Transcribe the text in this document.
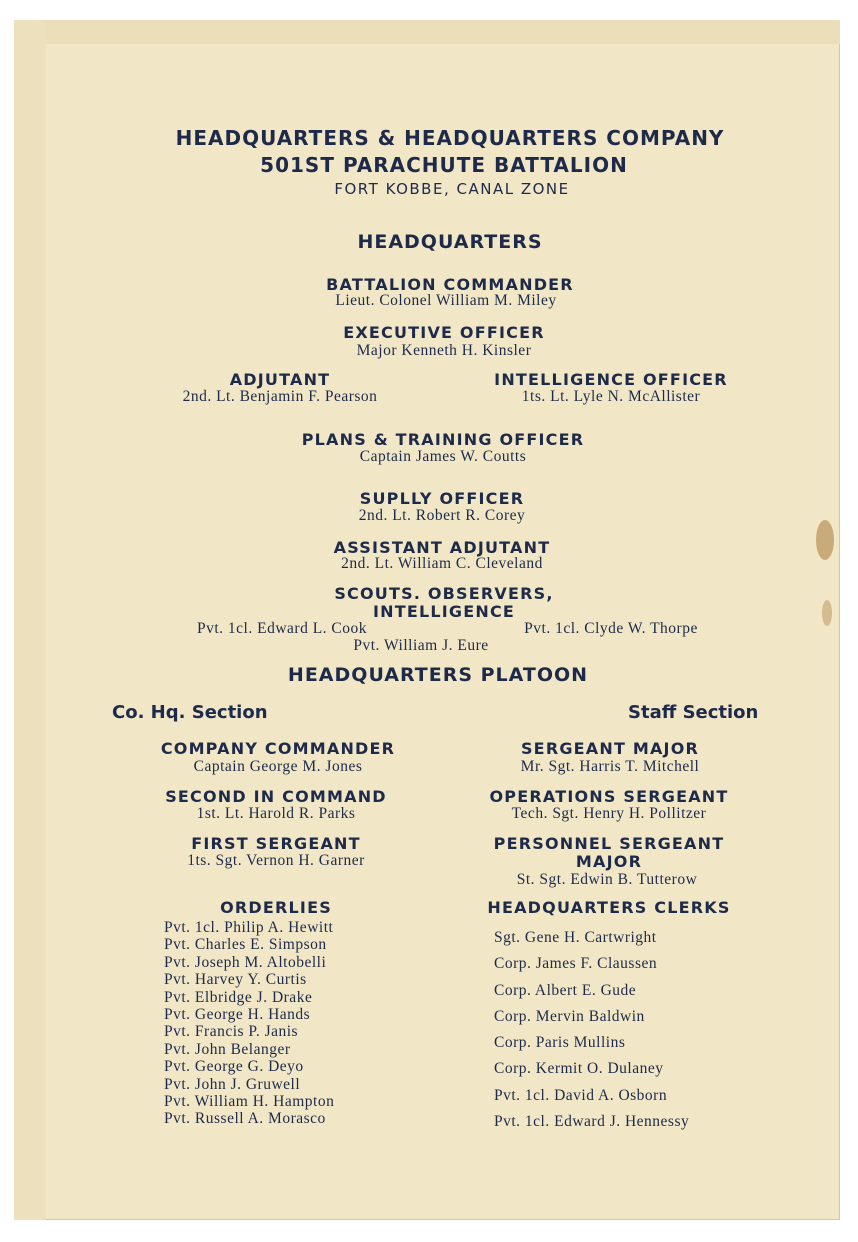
HEADQUARTERS & HEADQUARTERS COMPANY
501ST PARACHUTE BATTALION
FORT KOBBE, CANAL ZONE
HEADQUARTERS
BATTALION COMMANDER
Lieut. Colonel William M. Miley
EXECUTIVE OFFICER
Major Kenneth H. Kinsler
ADJUTANT
2nd. Lt. Benjamin F. Pearson
INTELLIGENCE OFFICER
1ts. Lt. Lyle N. McAllister
PLANS & TRAINING OFFICER
Captain James W. Coutts
SUPLLY OFFICER
2nd. Lt. Robert R. Corey
ASSISTANT ADJUTANT
2nd. Lt. William C. Cleveland
SCOUTS. OBSERVERS,
INTELLIGENCE
Pvt. 1cl. Edward L. Cook	Pvt. 1cl. Clyde W. Thorpe
Pvt. William J. Eure
HEADQUARTERS PLATOON
Co. Hq. Section	Staff Section
COMPANY COMMANDER
Captain George M. Jones
SECOND IN COMMAND
1st. Lt. Harold R. Parks
FIRST SERGEANT
1ts. Sgt. Vernon H. Garner
SERGEANT MAJOR
Mr. Sgt. Harris T. Mitchell
OPERATIONS SERGEANT
Tech. Sgt. Henry H. Pollitzer
PERSONNEL SERGEANT
MAJOR
St. Sgt. Edwin B. Tutterow
ORDERLIES
Pvt. 1cl. Philip A. Hewitt
Pvt. Charles E. Simpson
Pvt. Joseph M. Altobelli
Pvt. Harvey Y. Curtis
Pvt. Elbridge J. Drake
Pvt. George H. Hands
Pvt. Francis P. Janis
Pvt. John Belanger
Pvt. George G. Deyo
Pvt. John J. Gruwell
Pvt. William H. Hampton
Pvt. Russell A. Morasco
HEADQUARTERS CLERKS
Sgt. Gene H. Cartwright
Corp. James F. Claussen
Corp. Albert E. Gude
Corp. Mervin Baldwin
Corp. Paris Mullins
Corp. Kermit O. Dulaney
Pvt. 1cl. David A. Osborn
Pvt. 1cl. Edward J. Hennessy
